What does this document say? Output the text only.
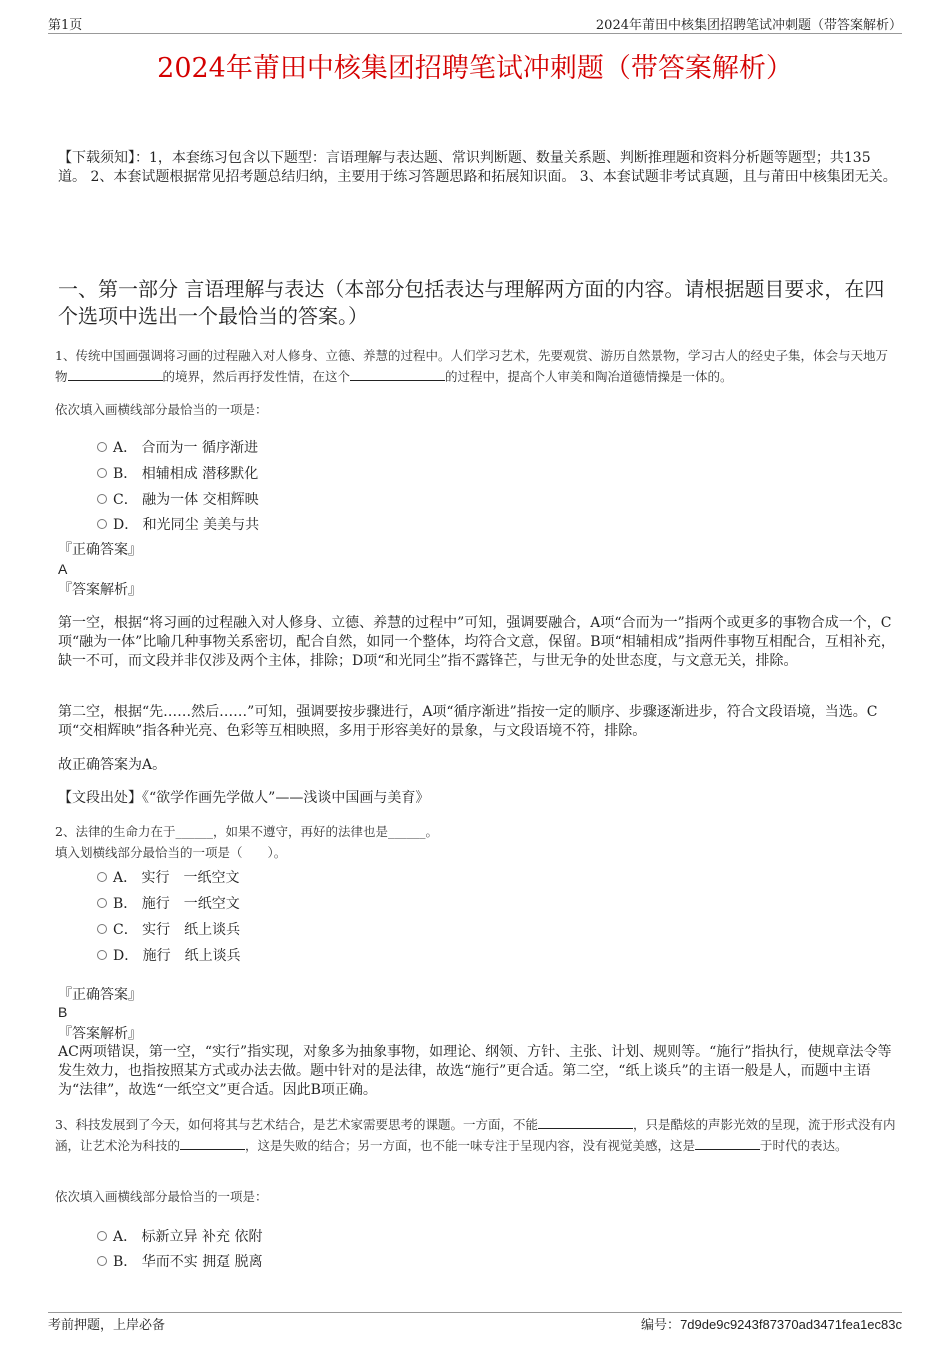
第1页	2024年莆田中核集团招聘笔试冲刺题（带答案解析）
2024年莆田中核集团招聘笔试冲刺题（带答案解析）
【下载须知】：1，本套练习包含以下题型：言语理解与表达题、常识判断题、数量关系题、判断推理题和资料分析题等题型；共135道。 2、本套试题根据常见招考题总结归纳，主要用于练习答题思路和拓展知识面。 3、本套试题非考试真题，且与莆田中核集团无关。
一、第一部分 言语理解与表达（本部分包括表达与理解两方面的内容。请根据题目要求，在四个选项中选出一个最恰当的答案。）
1、传统中国画强调将习画的过程融入对人修身、立德、养慧的过程中。人们学习艺术，先要观赏、游历自然景物，学习古人的经史子集，体会与天地万物	的境界，然后再抒发性情，在这个	的过程中，提高个人审美和陶冶道德情操是一体的。
依次填入画横线部分最恰当的一项是：
A． 合而为一 循序渐进
B． 相辅相成 潜移默化
C． 融为一体 交相辉映
D． 和光同尘 美美与共
『正确答案』
A
『答案解析』
第一空，根据“将习画的过程融入对人修身、立德、养慧的过程中”可知，强调要融合，A项“合而为一”指两个或更多的事物合成一个，C项“融为一体”比喻几种事物关系密切，配合自然，如同一个整体，均符合文意，保留。B项“相辅相成”指两件事物互相配合，互相补充，缺一不可，而文段并非仅涉及两个主体，排除；D项“和光同尘”指不露锋芒，与世无争的处世态度，与文意无关，排除。
第二空，根据“先……然后……”可知，强调要按步骤进行，A项“循序渐进”指按一定的顺序、步骤逐渐进步，符合文段语境，当选。C项“交相辉映”指各种光亮、色彩等互相映照，多用于形容美好的景象，与文段语境不符，排除。
故正确答案为A。
【文段出处】《“欲学作画先学做人”——浅谈中国画与美育》
2、法律的生命力在于______，如果不遵守，再好的法律也是______。
填入划横线部分最恰当的一项是（　　）。
A． 实行　一纸空文
B． 施行　一纸空文
C． 实行　纸上谈兵
D． 施行　纸上谈兵
『正确答案』
B
『答案解析』
AC两项错误，第一空，“实行”指实现，对象多为抽象事物，如理论、纲领、方针、主张、计划、规则等。“施行”指执行，使规章法令等发生效力，也指按照某方式或办法去做。题中针对的是法律，故选“施行”更合适。第二空，“纸上谈兵”的主语一般是人，而题中主语为“法律”，故选“一纸空文”更合适。因此B项正确。
3、科技发展到了今天，如何将其与艺术结合，是艺术家需要思考的课题。一方面，不能	，只是酷炫的声影光效的呈现，流于形式没有内涵，让艺术沦为科技的	，这是失败的结合；另一方面，也不能一味专注于呈现内容，没有视觉美感，这是	于时代的表达。
依次填入画横线部分最恰当的一项是：
A． 标新立异 补充 依附
B． 华而不实 拥趸 脱离
考前押题，上岸必备	编号：7d9de9c9243f87370ad3471fea1ec83c
